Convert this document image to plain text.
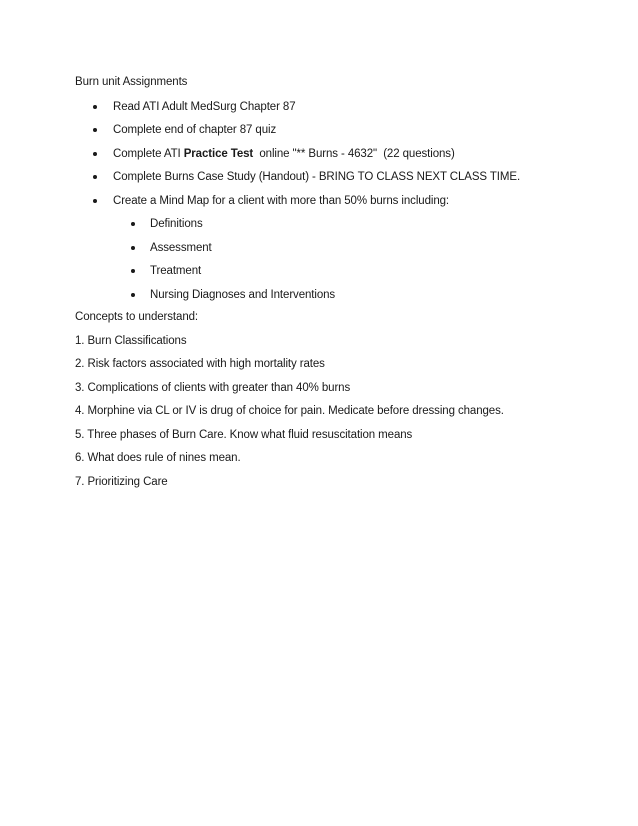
Burn unit Assignments
Read ATI Adult MedSurg Chapter 87
Complete end of chapter 87 quiz
Complete ATI Practice Test  online "** Burns - 4632"  (22 questions)
Complete Burns Case Study (Handout) - BRING TO CLASS NEXT CLASS TIME.
Create a Mind Map for a client with more than 50% burns including:
Definitions
Assessment
Treatment
Nursing Diagnoses and Interventions
Concepts to understand:
1. Burn Classifications
2. Risk factors associated with high mortality rates
3. Complications of clients with greater than 40% burns
4. Morphine via CL or IV is drug of choice for pain. Medicate before dressing changes.
5. Three phases of Burn Care. Know what fluid resuscitation means
6. What does rule of nines mean.
7. Prioritizing Care
